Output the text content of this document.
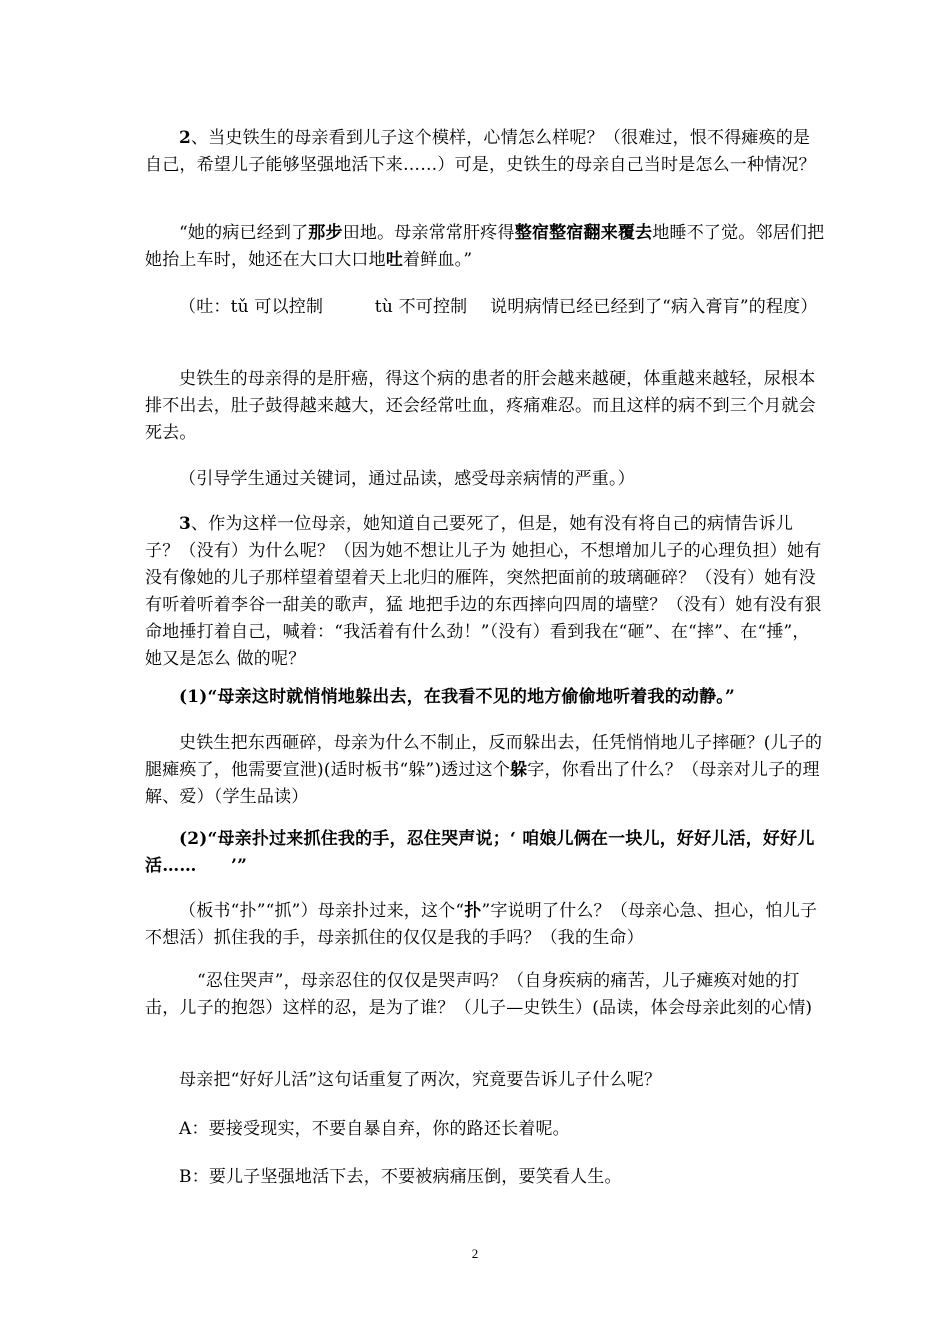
2、当史铁生的母亲看到儿子这个模样，心情怎么样呢？（很难过，恨不得瘫痪的是自己，希望儿子能够坚强地活下来……）可是，史铁生的母亲自己当时是怎么一种情况？

“她的病已经到了那步田地。母亲常常肝疼得整宿整宿翻来覆去地睡不了觉。邻居们把她抬上车时，她还在大口大口地吐着鲜血。”

（吐：tǔ 可以控制　　　tù 不可控制　 说明病情已经已经到了“病入膏肓”的程度）

史铁生的母亲得的是肝癌，得这个病的患者的肝会越来越硬，体重越来越轻，尿根本排不出去，肚子鼓得越来越大，还会经常吐血，疼痛难忍。而且这样的病不到三个月就会死去。

（引导学生通过关键词，通过品读，感受母亲病情的严重。）

3、作为这样一位母亲，她知道自己要死了，但是，她有没有将自己的病情告诉儿子？（没有）为什么呢？（因为她不想让儿子为 她担心，不想增加儿子的心理负担）她有没有像她的儿子那样望着望着天上北归的雁阵，突然把面前的玻璃砸碎？（没有）她有没有听着听着李谷一甜美的歌声，猛 地把手边的东西摔向四周的墙壁？（没有）她有没有狠命地捶打着自己，喊着：“我活着有什么劲！”（没有）看到我在“砸”、在“摔”、在“捶”，她又是怎么 做的呢？

(1)“母亲这时就悄悄地躲出去，在我看不见的地方偷偷地听着我的动静。”

史铁生把东西砸碎，母亲为什么不制止，反而躲出去，任凭悄悄地儿子摔砸？(儿子的腿瘫痪了，他需要宣泄)(适时板书“躲”)透过这个躲字，你看出了什么？（母亲对儿子的理解、爱）（学生品读）

(2)“母亲扑过来抓住我的手，忍住哭声说；‘ 咱娘儿俩在一块儿，好好儿活，好好儿活……　　’”

（板书“扑”“抓”）母亲扑过来，这个“扑”字说明了什么？（母亲心急、担心，怕儿子不想活）抓住我的手，母亲抓住的仅仅是我的手吗？（我的生命）

“忍住哭声”，母亲忍住的仅仅是哭声吗？（自身疾病的痛苦，儿子瘫痪对她的打击，儿子的抱怨）这样的忍，是为了谁？（儿子—史铁生）(品读，体会母亲此刻的心情)

母亲把“好好儿活”这句话重复了两次，究竟要告诉儿子什么呢？

A：要接受现实，不要自暴自弃，你的路还长着呢。

B：要儿子坚强地活下去，不要被病痛压倒，要笑看人生。

2
